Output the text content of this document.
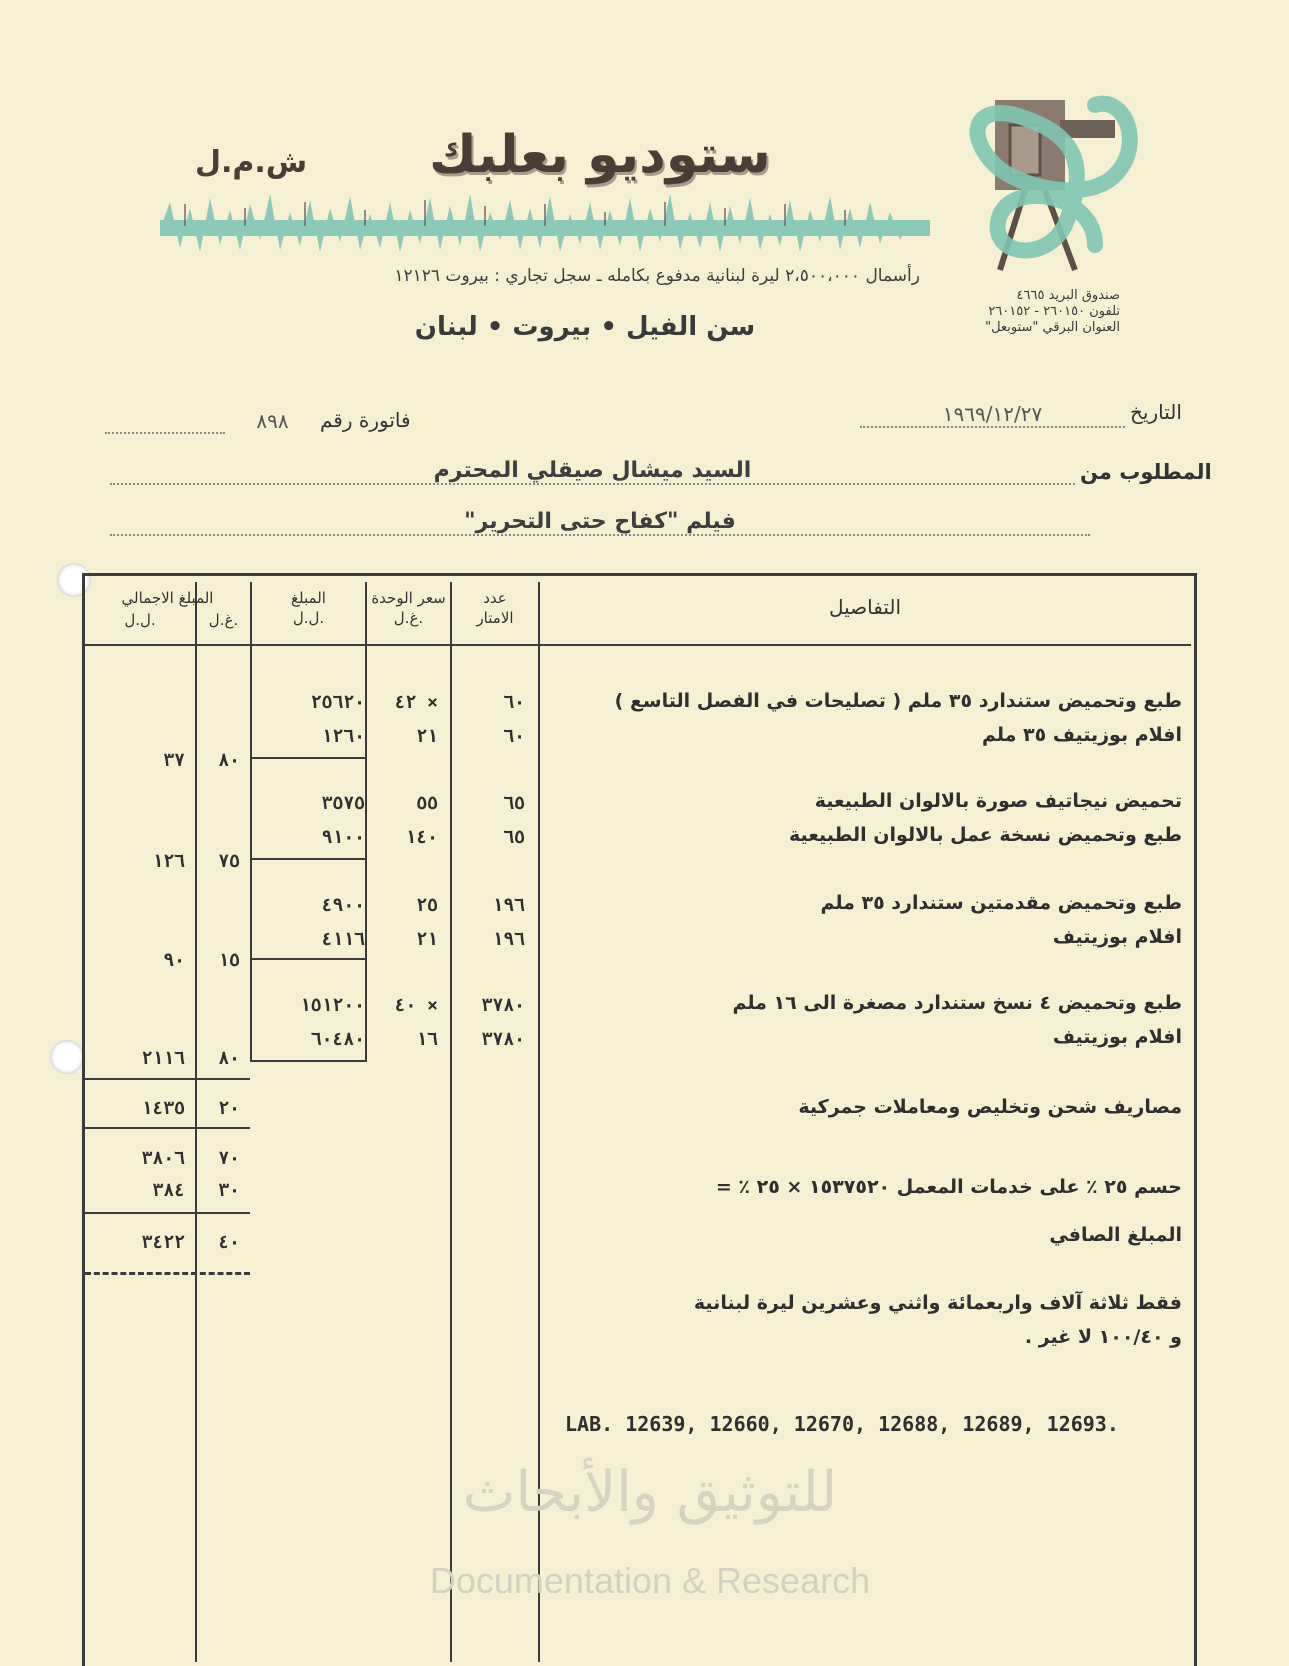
ستوديو بعلبك
ش.م.ل
رأسمال ٢،٥٠٠،٠٠٠ ليرة لبنانية مدفوع بكامله ـ سجل تجاري : بيروت ١٢١٢٦
سن الفيل • بيروت • لبنان
صندوق البريد ٤٦٦٥
تلفون ٢٦٠١٥٠ - ٢٦٠١٥٢
العنوان البرقي "ستوبعل"
التاريخ
١٩٦٩/١٢/٢٧
فاتورة رقم
٨٩٨
المطلوب من
السيد ميشال صيقلي المحترم
فيلم "كفاح حتى التحرير"
التفاصيل
عدد
الامتار
سعر الوحدة
غ.ل.
المبلغ
ل.ل.
المبلغ الاجمالي
غ.ل.
ل.ل.
طبع وتحميض ستندارد ٣٥ ملم ( تصليحات في الفصل التاسع )
٦٠
٤٢ ×
٢٥٦٢٠
افلام بوزيتيف ٣٥ ملم
٦٠
٢١
١٢٦٠
٨٠
٣٧
تحميض نيجاتيف صورة بالالوان الطبيعية
٦٥
٥٥
٣٥٧٥
طبع وتحميض نسخة عمل بالالوان الطبيعية
٦٥
١٤٠
٩١٠٠
٧٥
١٢٦
طبع وتحميض مقدمتين ستندارد ٣٥ ملم
١٩٦
٢٥
٤٩٠٠
افلام بوزيتيف
١٩٦
٢١
٤١١٦
١٥
٩٠
طبع وتحميض ٤ نسخ ستندارد مصغرة الى ١٦ ملم
٣٧٨٠
٤٠ ×
١٥١٢٠٠
افلام بوزيتيف
٣٧٨٠
١٦
٦٠٤٨٠
٨٠
٢١١٦
مصاريف شحن وتخليص ومعاملات جمركية
٢٠
١٤٣٥
٧٠
٣٨٠٦
حسم ٢٥ ٪ على خدمات المعمل ١٥٣٧٥٢٠ × ٢٥ ٪ =
٣٠
٣٨٤
المبلغ الصافي
٤٠
٣٤٢٢
فقط ثلاثة آلاف واربعمائة واثني وعشرين ليرة لبنانية
و ١٠٠/٤٠ لا غير .
LAB. 12639, 12660, 12670, 12688, 12689, 12693.
للتوثيق والأبحاث
Documentation & Research
